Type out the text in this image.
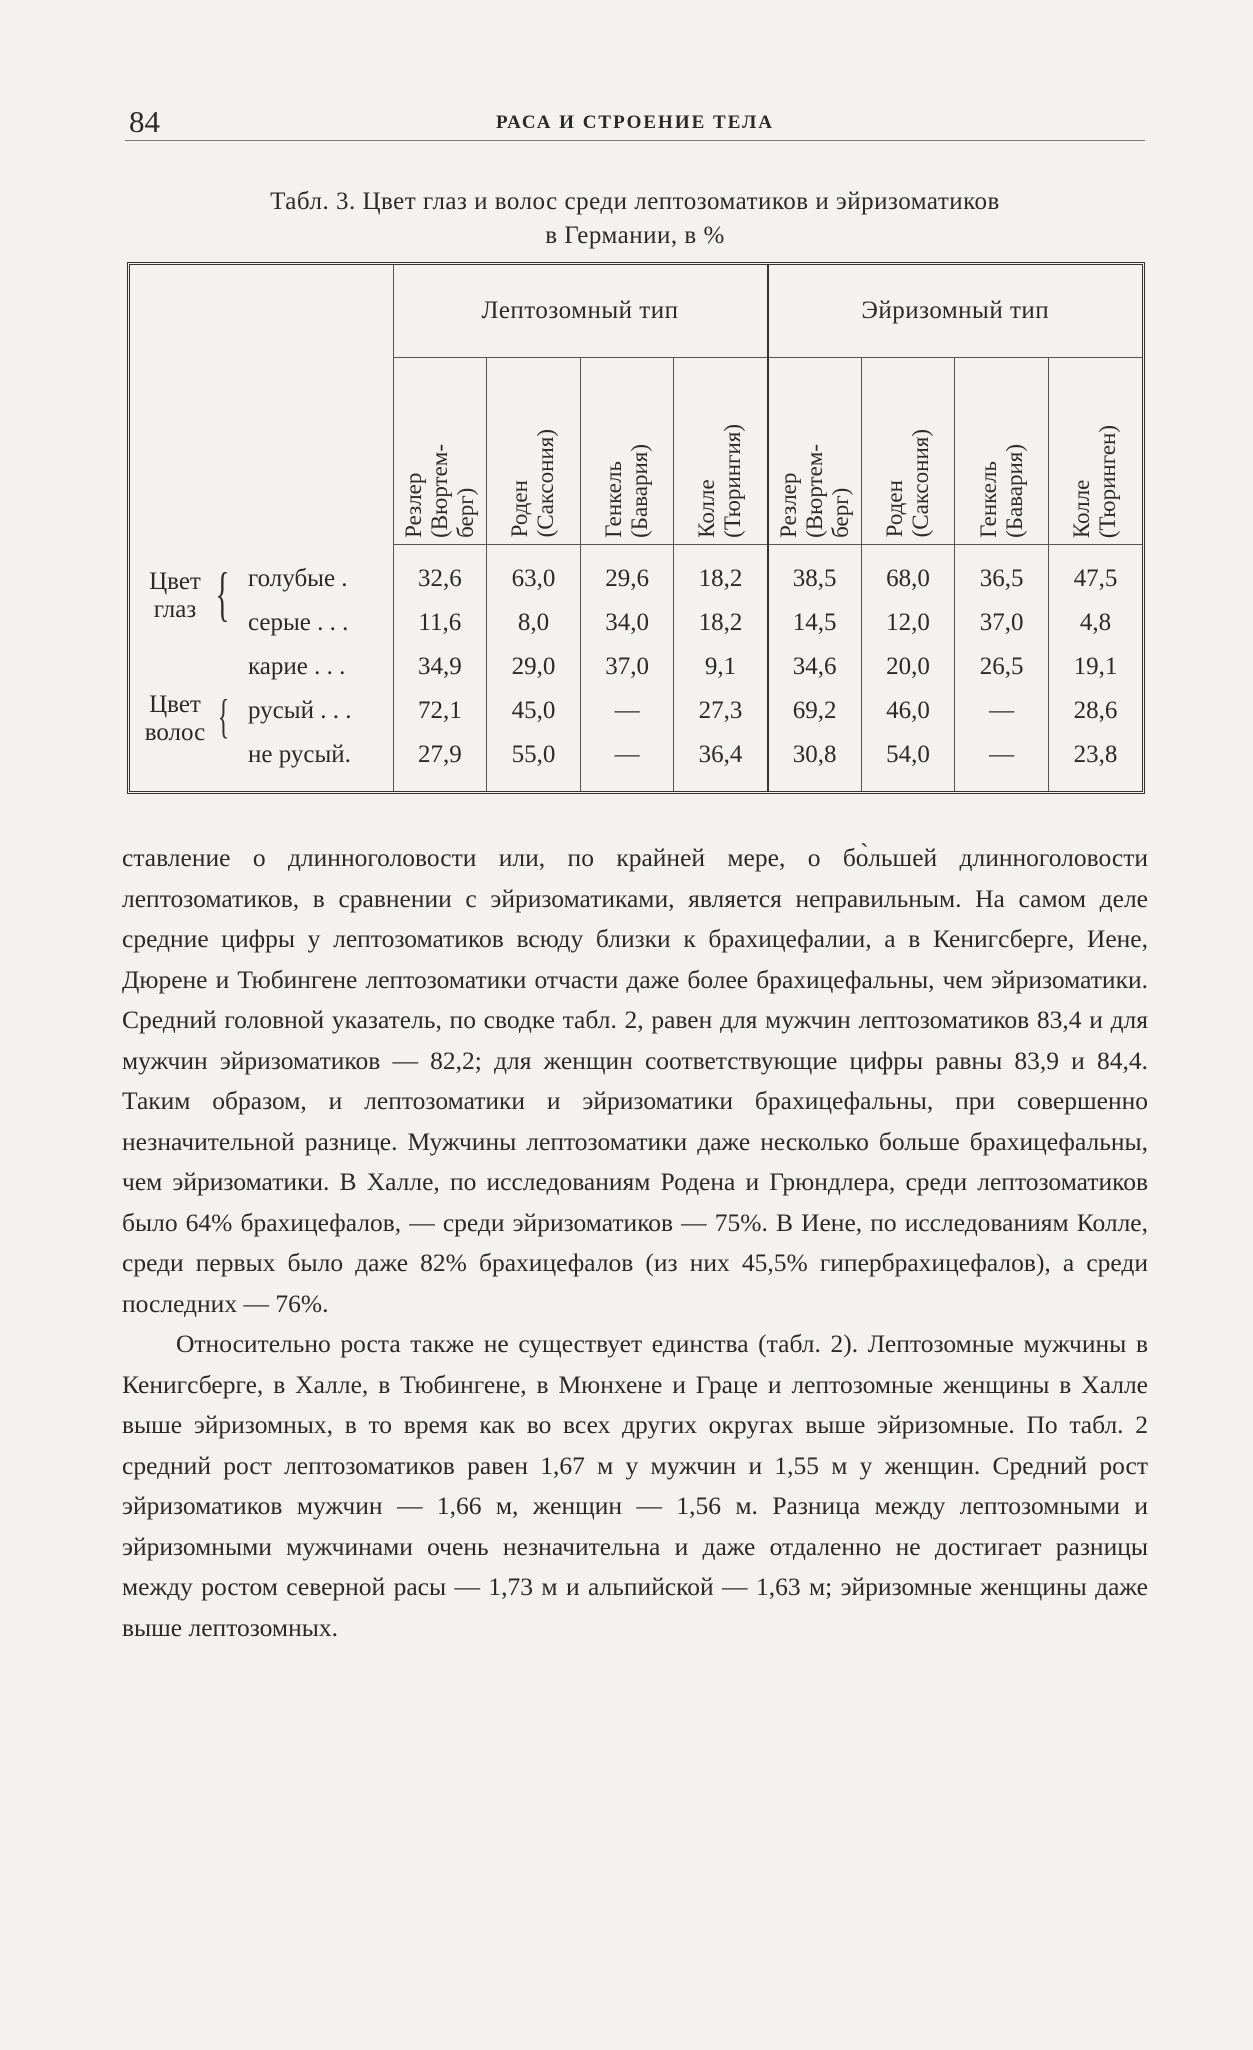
84	РАСА И СТРОЕНИЕ ТЕЛА
Табл. 3. Цвет глаз и волос среди лептозоматиков и эйризоматиков
в Германии, в %
	Лептозомный тип				Эйризомный тип			

	Резлер
(Вюртем-
берг)	Роден
(Саксония)	Генкель
(Бавария)	Колле
(Тюрингия)	Резлер
(Вюртем-
берг)	Роден
(Саксония)	Генкель
(Бавария)	Колле
(Тюринген)

Цвет
глаз { голубые .	32,6	63,0	29,6	18,2	38,5	68,0	36,5	47,5

серые . . .	11,6	8,0	34,0	18,2	14,5	12,0	37,0	4,8

карие . . .	34,9	29,0	37,0	9,1	34,6	20,0	26,5	19,1

Цвет
волос { русый . . .	72,1	45,0	—	27,3	69,2	46,0	—	28,6

не русый.	27,9	55,0	—	36,4	30,8	54,0	—	23,8

ставление о длинноголовости или, по крайней мере, о бо̀льшей длинноголовости лептозоматиков, в сравнении с эйризоматиками, является неправильным. На самом деле средние цифры у лептозоматиков всюду близки к брахицефалии, а в Кенигсберге, Иене, Дюрене и Тюбингене лептозоматики отчасти даже более брахицефальны, чем эйризоматики. Средний головной указатель, по сводке табл. 2, равен для мужчин лептозоматиков 83,4 и для мужчин эйризоматиков — 82,2; для женщин соответствующие цифры равны 83,9 и 84,4. Таким образом, и лептозоматики и эйризоматики брахицефальны, при совершенно незначительной разнице. Мужчины лептозоматики даже несколько больше брахицефальны, чем эйризоматики. В Халле, по исследованиям Родена и Грюндлера, среди лептозоматиков было 64% брахицефалов, — среди эйризоматиков — 75%. В Иене, по исследованиям Колле, среди первых было даже 82% брахицефалов (из них 45,5% гипербрахицефалов), а среди последних — 76%.

Относительно роста также не существует единства (табл. 2). Лептозомные мужчины в Кенигсберге, в Халле, в Тюбингене, в Мюнхене и Граце и лептозомные женщины в Халле выше эйризомных, в то время как во всех других округах выше эйризомные. По табл. 2 средний рост лептозоматиков равен 1,67 м у мужчин и 1,55 м у женщин. Средний рост эйризоматиков мужчин — 1,66 м, женщин — 1,56 м. Разница между лептозомными и эйризомными мужчинами очень незначительна и даже отдаленно не достигает разницы между ростом северной расы — 1,73 м и альпийской — 1,63 м; эйризомные женщины даже выше лептозомных.
